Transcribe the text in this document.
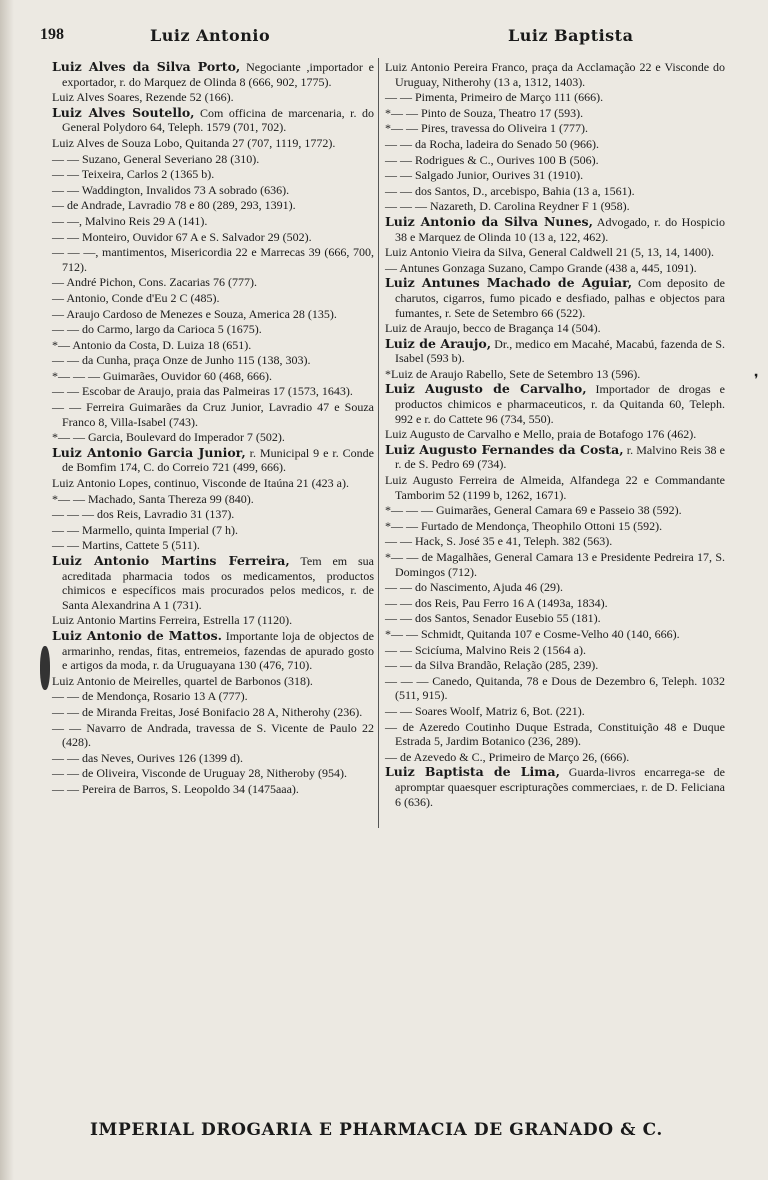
198	Luiz Antonio	Luiz Baptista
Luiz Alves da Silva Porto, Negociante ,importador e exportador, r. do Marquez de Olinda 8 (666, 902, 1775).
Luiz Alves Soares, Rezende 52 (166).
Luiz Alves Soutello, Com officina de marcenaria, r. do General Polydoro 64, Teleph. 1579 (701, 702).
Luiz Alves de Souza Lobo, Quitanda 27 (707, 1119, 1772).
— — Suzano, General Severiano 28 (310).
— — Teixeira, Carlos 2 (1365 b).
— — Waddington, Invalidos 73 A sobrado (636).
— de Andrade, Lavradio 78 e 80 (289, 293, 1391).
— —, Malvino Reis 29 A (141).
— — Monteiro, Ouvidor 67 A e S. Salvador 29 (502).
— — —, mantimentos, Misericordia 22 e Marrecas 39 (666, 700, 712).
— André Pichon, Cons. Zacarias 76 (777).
— Antonio, Conde d'Eu 2 C (485).
— Araujo Cardoso de Menezes e Souza, America 28 (135).
— — do Carmo, largo da Carioca 5 (1675).
*— Antonio da Costa, D. Luiza 18 (651).
— — da Cunha, praça Onze de Junho 115 (138, 303).
*— — — Guimarães, Ouvidor 60 (468, 666).
— — Escobar de Araujo, praia das Palmeiras 17 (1573, 1643).
— — Ferreira Guimarães da Cruz Junior, Lavradio 47 e Souza Franco 8, Villa-Isabel (743).
*— — Garcia, Boulevard do Imperador 7 (502).
Luiz Antonio Garcia Junior, r. Municipal 9 e r. Conde de Bomfim 174, C. do Correio 721 (499, 666).
Luiz Antonio Lopes, continuo, Visconde de Itaúna 21 (423 a).
*— — Machado, Santa Thereza 99 (840).
— — — dos Reis, Lavradio 31 (137).
— — Marmello, quinta Imperial (7 h).
— — Martins, Cattete 5 (511).
Luiz Antonio Martins Ferreira, Tem em sua acreditada pharmacia todos os medicamentos, productos chimicos e específicos mais procurados pelos medicos, r. de Santa Alexandrina A 1 (731).
Luiz Antonio Martins Ferreira, Estrella 17 (1120).
Luiz Antonio de Mattos. Importante loja de objectos de armarinho, rendas, fitas, entremeios, fazendas de apurado gosto e artigos da moda, r. da Uruguayana 130 (476, 710).
Luiz Antonio de Meirelles, quartel de Barbonos (318).
— — de Mendonça, Rosario 13 A (777).
— — de Miranda Freitas, José Bonifacio 28 A, Nitherohy (236).
— — Navarro de Andrada, travessa de S. Vicente de Paulo 22 (428).
— — das Neves, Ourives 126 (1399 d).
— — de Oliveira, Visconde de Uruguay 28, Nitheroby (954).
— — Pereira de Barros, S. Leopoldo 34 (1475aaa).
Luiz Antonio Pereira Franco, praça da Acclamação 22 e Visconde do Uruguay, Nitherohy (13 a, 1312, 1403).
— — Pimenta, Primeiro de Março 111 (666).
*— — Pinto de Souza, Theatro 17 (593).
*— — Pires, travessa do Oliveira 1 (777).
— — da Rocha, ladeira do Senado 50 (966).
— — Rodrigues & C., Ourives 100 B (506).
— — Salgado Junior, Ourives 31 (1910).
— — dos Santos, D., arcebispo, Bahia (13 a, 1561).
— — — Nazareth, D. Carolina Reydner F 1 (958).
Luiz Antonio da Silva Nunes, Advogado, r. do Hospicio 38 e Marquez de Olinda 10 (13 a, 122, 462).
Luiz Antonio Vieira da Silva, General Caldwell 21 (5, 13, 14, 1400).
— Antunes Gonzaga Suzano, Campo Grande (438 a, 445, 1091).
Luiz Antunes Machado de Aguiar, Com deposito de charutos, cigarros, fumo picado e desfiado, palhas e objectos para fumantes, r. Sete de Setembro 66 (522).
Luiz de Araujo, becco de Bragança 14 (504).
Luiz de Araujo, Dr., medico em Macahé, Macabú, fazenda de S. Isabel (593 b).
*Luiz de Araujo Rabello, Sete de Setembro 13 (596).
Luiz Augusto de Carvalho, Importador de drogas e productos chimicos e pharmaceuticos, r. da Quitanda 60, Teleph. 992 e r. do Cattete 96 (734, 550).
Luiz Augusto de Carvalho e Mello, praia de Botafogo 176 (462).
Luiz Augusto Fernandes da Costa, r. Malvino Reis 38 e r. de S. Pedro 69 (734).
Luiz Augusto Ferreira de Almeida, Alfandega 22 e Commandante Tamborim 52 (1199 b, 1262, 1671).
*— — — Guimarães, General Camara 69 e Passeio 38 (592).
*— — Furtado de Mendonça, Theophilo Ottoni 15 (592).
— — Hack, S. José 35 e 41, Teleph. 382 (563).
*— — de Magalhães, General Camara 13 e Presidente Pedreira 17, S. Domingos (712).
— — do Nascimento, Ajuda 46 (29).
— — dos Reis, Pau Ferro 16 A (1493a, 1834).
— — dos Santos, Senador Eusebio 55 (181).
*— — Schmidt, Quitanda 107 e Cosme-Velho 40 (140, 666).
— — Scicíuma, Malvino Reis 2 (1564 a).
— — da Silva Brandão, Relação (285, 239).
— — — Canedo, Quitanda, 78 e Dous de Dezembro 6, Teleph. 1032 (511, 915).
— — Soares Woolf, Matriz 6, Bot. (221).
— de Azeredo Coutinho Duque Estrada, Constituição 48 e Duque Estrada 5, Jardim Botanico (236, 289).
— de Azevedo & C., Primeiro de Março 26, (666).
Luiz Baptista de Lima, Guarda-livros encarrega-se de apromptar quaesquer escripturações commerciaes, r. de D. Feliciana 6 (636).
❜
IMPERIAL DROGARIA E PHARMACIA DE GRANADO & C.
